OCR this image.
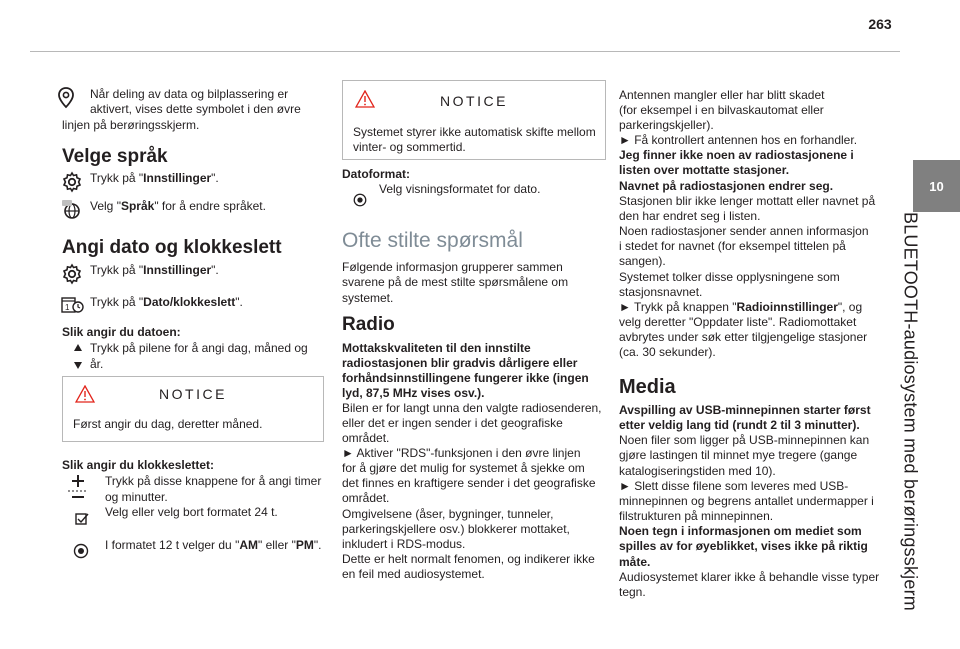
263
10
BLUETOOTH-audiosystem med berøringsskjerm
Når deling av data og bilplassering er
aktivert, vises dette symbolet i den øvre
linjen på berøringsskjerm.
Velge språk
Trykk på "Innstillinger".
Velg "Språk" for å endre språket.
Angi dato og klokkeslett
Trykk på "Innstillinger".
1 Trykk på "Dato/klokkeslett".
Slik angir du datoen:
Trykk på pilene for å angi dag, måned og
år.
NOTICE
Først angir du dag, deretter måned.
Slik angir du klokkeslettet:
Trykk på disse knappene for å angi timer
og minutter.
Velg eller velg bort formatet 24 t.
I formatet 12 t velger du "AM" eller "PM".
NOTICE
Systemet styrer ikke automatisk skifte mellom
vinter- og sommertid.
Datoformat:
Velg visningsformatet for dato.
Ofte stilte spørsmål
Følgende informasjon grupperer sammen
svarene på de mest stilte spørsmålene om
systemet.
Radio
Mottakskvaliteten til den innstilte
radiostasjonen blir gradvis dårligere eller
forhåndsinnstillingene fungerer ikke (ingen
lyd, 87,5 MHz vises osv.).
Bilen er for langt unna den valgte radiosenderen,
eller det er ingen sender i det geografiske
området.
► Aktiver "RDS"-funksjonen i den øvre linjen
for å gjøre det mulig for systemet å sjekke om
det finnes en kraftigere sender i det geografiske
området.
Omgivelsene (åser, bygninger, tunneler,
parkeringskjellere osv.) blokkerer mottaket,
inkludert i RDS-modus.
Dette er helt normalt fenomen, og indikerer ikke
en feil med audiosystemet.
Antennen mangler eller har blitt skadet
(for eksempel i en bilvaskautomat eller
parkeringskjeller).
► Få kontrollert antennen hos en forhandler.
Jeg finner ikke noen av radiostasjonene i
listen over mottatte stasjoner.
Navnet på radiostasjonen endrer seg.
Stasjonen blir ikke lenger mottatt eller navnet på
den har endret seg i listen.
Noen radiostasjoner sender annen informasjon
i stedet for navnet (for eksempel tittelen på
sangen).
Systemet tolker disse opplysningene som
stasjonsnavnet.
► Trykk på knappen "Radioinnstillinger", og
velg deretter "Oppdater liste". Radiomottaket
avbrytes under søk etter tilgjengelige stasjoner
(ca. 30 sekunder).
Media
Avspilling av USB-minnepinnen starter først
etter veldig lang tid (rundt 2 til 3 minutter).
Noen filer som ligger på USB-minnepinnen kan
gjøre lastingen til minnet mye tregere (gange
katalogiseringstiden med 10).
► Slett disse filene som leveres med USB-
minnepinnen og begrens antallet undermapper i
filstrukturen på minnepinnen.
Noen tegn i informasjonen om mediet som
spilles av for øyeblikket, vises ikke på riktig
måte.
Audiosystemet klarer ikke å behandle visse typer
tegn.
